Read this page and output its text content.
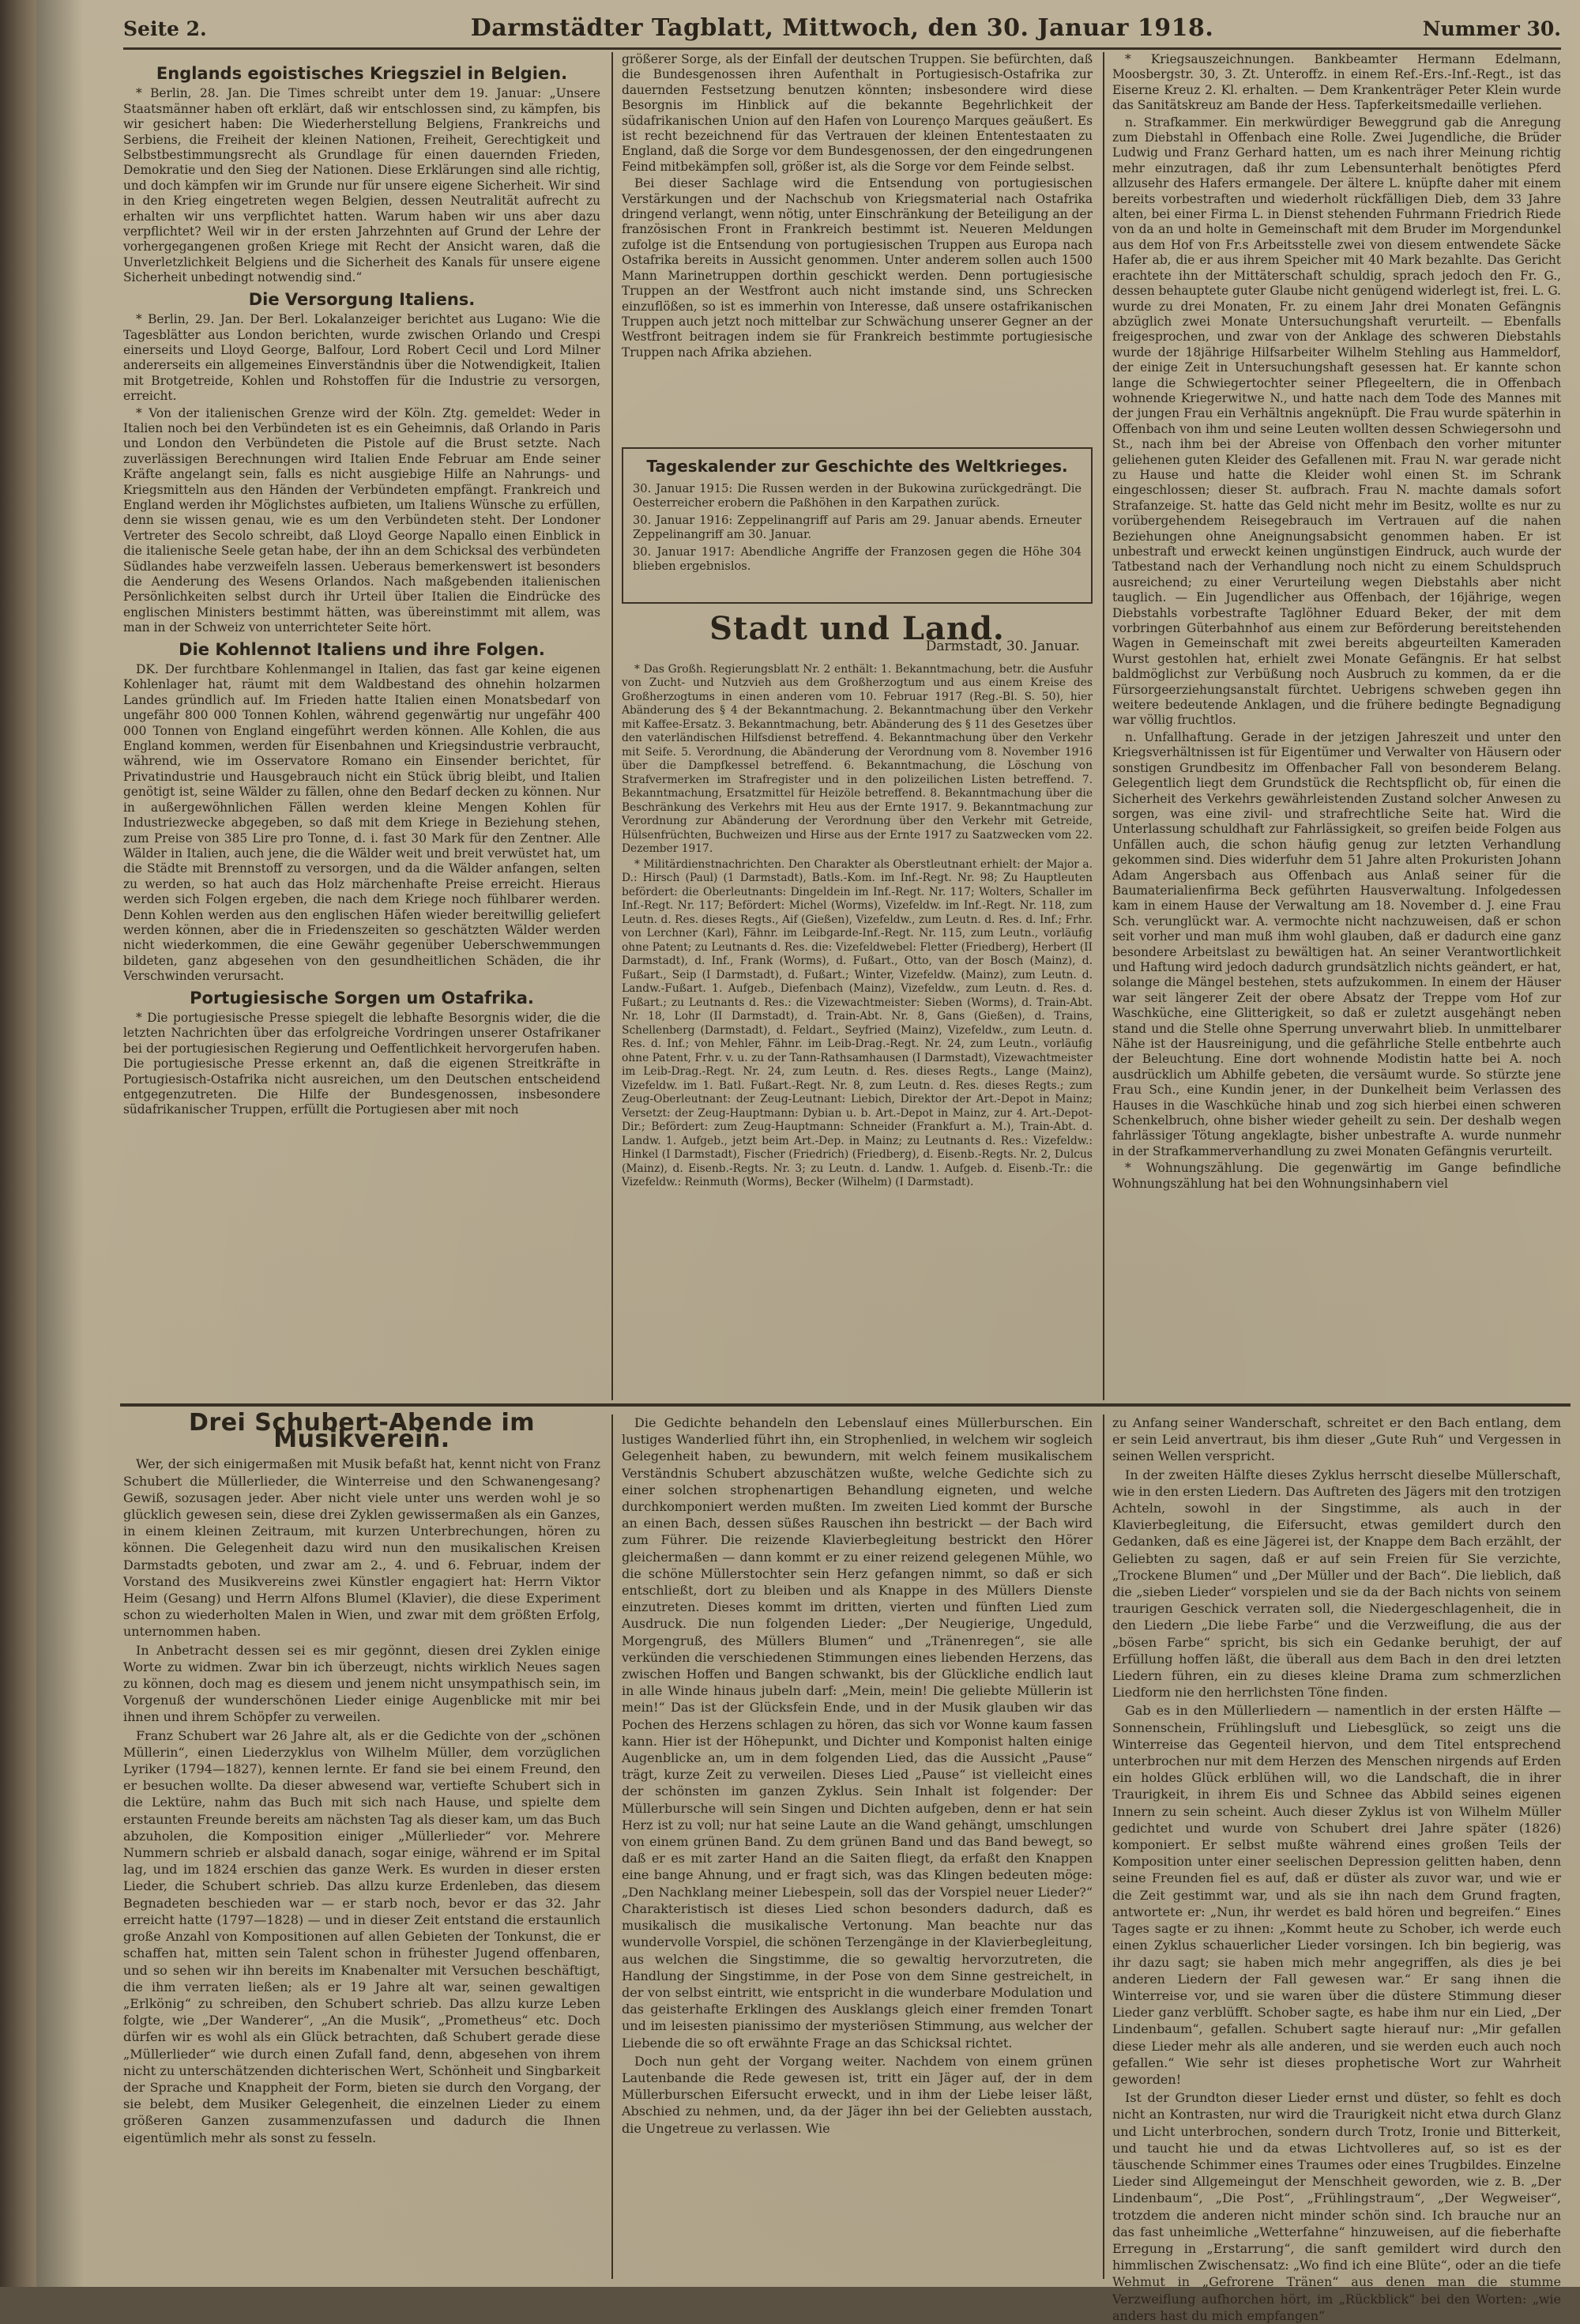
Seite 2.	Darmstädter Tagblatt, Mittwoch, den 30. Januar 1918.	Nummer 30.
Englands egoistisches Kriegsziel in Belgien.

* Berlin, 28. Jan. Die Times schreibt unter dem 19. Januar: „Unsere Staatsmänner haben oft erklärt, daß wir entschlossen sind, zu kämpfen, bis wir gesichert haben: Die Wiederherstellung Belgiens, Frankreichs und Serbiens, die Freiheit der kleinen Nationen, Freiheit, Gerechtigkeit und Selbstbestimmungsrecht als Grundlage für einen dauernden Frieden, Demokratie und den Sieg der Nationen. Diese Erklärungen sind alle richtig, und doch kämpfen wir im Grunde nur für unsere eigene Sicherheit. Wir sind in den Krieg eingetreten wegen Belgien, dessen Neutralität aufrecht zu erhalten wir uns verpflichtet hatten. Warum haben wir uns aber dazu verpflichtet? Weil wir in der ersten Jahrzehnten auf Grund der Lehre der vorhergegangenen großen Kriege mit Recht der Ansicht waren, daß die Unverletzlichkeit Belgiens und die Sicherheit des Kanals für unsere eigene Sicherheit unbedingt notwendig sind.“

Die Versorgung Italiens.

* Berlin, 29. Jan. Der Berl. Lokalanzeiger berichtet aus Lugano: Wie die Tagesblätter aus London berichten, wurde zwischen Orlando und Crespi einerseits und Lloyd George, Balfour, Lord Robert Cecil und Lord Milner andererseits ein allgemeines Einverständnis über die Notwendigkeit, Italien mit Brotgetreide, Kohlen und Rohstoffen für die Industrie zu versorgen, erreicht.

* Von der italienischen Grenze wird der Köln. Ztg. gemeldet: Weder in Italien noch bei den Verbündeten ist es ein Geheimnis, daß Orlando in Paris und London den Verbündeten die Pistole auf die Brust setzte. Nach zuverlässigen Berechnungen wird Italien Ende Februar am Ende seiner Kräfte angelangt sein, falls es nicht ausgiebige Hilfe an Nahrungs- und Kriegsmitteln aus den Händen der Verbündeten empfängt. Frankreich und England werden ihr Möglichstes aufbieten, um Italiens Wünsche zu erfüllen, denn sie wissen genau, wie es um den Verbündeten steht. Der Londoner Vertreter des Secolo schreibt, daß Lloyd George Napallo einen Einblick in die italienische Seele getan habe, der ihn an dem Schicksal des verbündeten Südlandes habe verzweifeln lassen. Ueberaus bemerkenswert ist besonders die Aenderung des Wesens Orlandos. Nach maßgebenden italienischen Persönlichkeiten selbst durch ihr Urteil über Italien die Eindrücke des englischen Ministers bestimmt hätten, was übereinstimmt mit allem, was man in der Schweiz von unterrichteter Seite hört.

Die Kohlennot Italiens und ihre Folgen.

DK. Der furchtbare Kohlenmangel in Italien, das fast gar keine eigenen Kohlenlager hat, räumt mit dem Waldbestand des ohnehin holzarmen Landes gründlich auf. Im Frieden hatte Italien einen Monatsbedarf von ungefähr 800 000 Tonnen Kohlen, während gegenwärtig nur ungefähr 400 000 Tonnen von England eingeführt werden können. Alle Kohlen, die aus England kommen, werden für Eisenbahnen und Kriegsindustrie verbraucht, während, wie im Osservatore Romano ein Einsender berichtet, für Privatindustrie und Hausgebrauch nicht ein Stück übrig bleibt, und Italien genötigt ist, seine Wälder zu fällen, ohne den Bedarf decken zu können. Nur in außergewöhnlichen Fällen werden kleine Mengen Kohlen für Industriezwecke abgegeben, so daß mit dem Kriege in Beziehung stehen, zum Preise von 385 Lire pro Tonne, d. i. fast 30 Mark für den Zentner. Alle Wälder in Italien, auch jene, die die Wälder weit und breit verwüstet hat, um die Städte mit Brennstoff zu versorgen, und da die Wälder anfangen, selten zu werden, so hat auch das Holz märchenhafte Preise erreicht. Hieraus werden sich Folgen ergeben, die nach dem Kriege noch fühlbarer werden. Denn Kohlen werden aus den englischen Häfen wieder bereitwillig geliefert werden können, aber die in Friedenszeiten so geschätzten Wälder werden nicht wiederkommen, die eine Gewähr gegenüber Ueberschwemmungen bildeten, ganz abgesehen von den gesundheitlichen Schäden, die ihr Verschwinden verursacht.

Portugiesische Sorgen um Ostafrika.

* Die portugiesische Presse spiegelt die lebhafte Besorgnis wider, die die letzten Nachrichten über das erfolgreiche Vordringen unserer Ostafrikaner bei der portugiesischen Regierung und Oeffentlichkeit hervorgerufen haben. Die portugiesische Presse erkennt an, daß die eigenen Streitkräfte in Portugiesisch-Ostafrika nicht ausreichen, um den Deutschen entscheidend entgegenzutreten. Die Hilfe der Bundesgenossen, insbesondere südafrikanischer Truppen, erfüllt die Portugiesen aber mit noch

größerer Sorge, als der Einfall der deutschen Truppen. Sie befürchten, daß die Bundesgenossen ihren Aufenthalt in Portugiesisch-Ostafrika zur dauernden Festsetzung benutzen könnten; insbesondere wird diese Besorgnis im Hinblick auf die bekannte Begehrlichkeit der südafrikanischen Union auf den Hafen von Lourenço Marques geäußert. Es ist recht bezeichnend für das Vertrauen der kleinen Ententestaaten zu England, daß die Sorge vor dem Bundesgenossen, der den eingedrungenen Feind mitbekämpfen soll, größer ist, als die Sorge vor dem Feinde selbst.

Bei dieser Sachlage wird die Entsendung von portugiesischen Verstärkungen und der Nachschub von Kriegsmaterial nach Ostafrika dringend verlangt, wenn nötig, unter Einschränkung der Beteiligung an der französischen Front in Frankreich bestimmt ist. Neueren Meldungen zufolge ist die Entsendung von portugiesischen Truppen aus Europa nach Ostafrika bereits in Aussicht genommen. Unter anderem sollen auch 1500 Mann Marinetruppen dorthin geschickt werden. Denn portugiesische Truppen an der Westfront auch nicht imstande sind, uns Schrecken einzuflößen, so ist es immerhin von Interesse, daß unsere ostafrikanischen Truppen auch jetzt noch mittelbar zur Schwächung unserer Gegner an der Westfront beitragen indem sie für Frankreich bestimmte portugiesische Truppen nach Afrika abziehen.

Tageskalender zur Geschichte des Weltkrieges.

30. Januar 1915: Die Russen werden in der Bukowina zurückgedrängt. Die Oesterreicher erobern die Paßhöhen in den Karpathen zurück.

30. Januar 1916: Zeppelinangriff auf Paris am 29. Januar abends. Erneuter Zeppelinangriff am 30. Januar.

30. Januar 1917: Abendliche Angriffe der Franzosen gegen die Höhe 304 blieben ergebnislos.

Stadt und Land.
Darmstadt, 30. Januar.

* Das Großh. Regierungsblatt Nr. 2 enthält: 1. Bekanntmachung, betr. die Ausfuhr von Zucht- und Nutzvieh aus dem Großherzogtum und aus einem Kreise des Großherzogtums in einen anderen vom 10. Februar 1917 (Reg.-Bl. S. 50), hier Abänderung des § 4 der Bekanntmachung. 2. Bekanntmachung über den Verkehr mit Kaffee-Ersatz. 3. Bekanntmachung, betr. Abänderung des § 11 des Gesetzes über den vaterländischen Hilfsdienst betreffend. 4. Bekanntmachung über den Verkehr mit Seife. 5. Verordnung, die Abänderung der Verordnung vom 8. November 1916 über die Dampfkessel betreffend. 6. Bekanntmachung, die Löschung von Strafvermerken im Strafregister und in den polizeilichen Listen betreffend. 7. Bekanntmachung, Ersatzmittel für Heizöle betreffend. 8. Bekanntmachung über die Beschränkung des Verkehrs mit Heu aus der Ernte 1917. 9. Bekanntmachung zur Verordnung zur Abänderung der Verordnung über den Verkehr mit Getreide, Hülsenfrüchten, Buchweizen und Hirse aus der Ernte 1917 zu Saatzwecken vom 22. Dezember 1917.

* Militärdienstnachrichten. Den Charakter als Oberstleutnant erhielt: der Major a. D.: Hirsch (Paul) (1 Darmstadt), Batls.-Kom. im Inf.-Regt. Nr. 98; Zu Hauptleuten befördert: die Oberleutnants: Dingeldein im Inf.-Regt. Nr. 117; Wolters, Schaller im Inf.-Regt. Nr. 117; Befördert: Michel (Worms), Vizefeldw. im Inf.-Regt. Nr. 118, zum Leutn. d. Res. dieses Regts., Aif (Gießen), Vizefeldw., zum Leutn. d. Res. d. Inf.; Frhr. von Lerchner (Karl), Fähnr. im Leibgarde-Inf.-Regt. Nr. 115, zum Leutn., vorläufig ohne Patent; zu Leutnants d. Res. die: Vizefeldwebel: Fletter (Friedberg), Herbert (II Darmstadt), d. Inf., Frank (Worms), d. Fußart., Otto, van der Bosch (Mainz), d. Fußart., Seip (I Darmstadt), d. Fußart.; Winter, Vizefeldw. (Mainz), zum Leutn. d. Landw.-Fußart. 1. Aufgeb., Diefenbach (Mainz), Vizefeldw., zum Leutn. d. Res. d. Fußart.; zu Leutnants d. Res.: die Vizewachtmeister: Sieben (Worms), d. Train-Abt. Nr. 18, Lohr (II Darmstadt), d. Train-Abt. Nr. 8, Gans (Gießen), d. Trains, Schellenberg (Darmstadt), d. Feldart., Seyfried (Mainz), Vizefeldw., zum Leutn. d. Res. d. Inf.; von Mehler, Fähnr. im Leib-Drag.-Regt. Nr. 24, zum Leutn., vorläufig ohne Patent, Frhr. v. u. zu der Tann-Rathsamhausen (I Darmstadt), Vizewachtmeister im Leib-Drag.-Regt. Nr. 24, zum Leutn. d. Res. dieses Regts., Lange (Mainz), Vizefeldw. im 1. Batl. Fußart.-Regt. Nr. 8, zum Leutn. d. Res. dieses Regts.; zum Zeug-Oberleutnant: der Zeug-Leutnant: Liebich, Direktor der Art.-Depot in Mainz; Versetzt: der Zeug-Hauptmann: Dybian u. b. Art.-Depot in Mainz, zur 4. Art.-Depot-Dir.; Befördert: zum Zeug-Hauptmann: Schneider (Frankfurt a. M.), Train-Abt. d. Landw. 1. Aufgeb., jetzt beim Art.-Dep. in Mainz; zu Leutnants d. Res.: Vizefeldw.: Hinkel (I Darmstadt), Fischer (Friedrich) (Friedberg), d. Eisenb.-Regts. Nr. 2, Dulcus (Mainz), d. Eisenb.-Regts. Nr. 3; zu Leutn. d. Landw. 1. Aufgeb. d. Eisenb.-Tr.: die Vizefeldw.: Reinmuth (Worms), Becker (Wilhelm) (I Darmstadt).

* Kriegsauszeichnungen. Bankbeamter Hermann Edelmann, Moosbergstr. 30, 3. Zt. Unteroffz. in einem Ref.-Ers.-Inf.-Regt., ist das Eiserne Kreuz 2. Kl. erhalten. — Dem Krankenträger Peter Klein wurde das Sanitätskreuz am Bande der Hess. Tapferkeitsmedaille verliehen.

n. Strafkammer. Ein merkwürdiger Beweggrund gab die Anregung zum Diebstahl in Offenbach eine Rolle. Zwei Jugendliche, die Brüder Ludwig und Franz Gerhard hatten, um es nach ihrer Meinung richtig mehr einzutragen, daß ihr zum Lebensunterhalt benötigtes Pferd allzusehr des Hafers ermangele. Der ältere L. knüpfte daher mit einem bereits vorbestraften und wiederholt rückfälligen Dieb, dem 33 Jahre alten, bei einer Firma L. in Dienst stehenden Fuhrmann Friedrich Riede von da an und holte in Gemeinschaft mit dem Bruder im Morgendunkel aus dem Hof von Fr.s Arbeitsstelle zwei von diesem entwendete Säcke Hafer ab, die er aus ihrem Speicher mit 40 Mark bezahlte. Das Gericht erachtete ihn der Mittäterschaft schuldig, sprach jedoch den Fr. G., dessen behauptete guter Glaube nicht genügend widerlegt ist, frei. L. G. wurde zu drei Monaten, Fr. zu einem Jahr drei Monaten Gefängnis abzüglich zwei Monate Untersuchungshaft verurteilt. — Ebenfalls freigesprochen, und zwar von der Anklage des schweren Diebstahls wurde der 18jährige Hilfsarbeiter Wilhelm Stehling aus Hammeldorf, der einige Zeit in Untersuchungshaft gesessen hat. Er kannte schon lange die Schwiegertochter seiner Pflegeeltern, die in Offenbach wohnende Kriegerwitwe N., und hatte nach dem Tode des Mannes mit der jungen Frau ein Verhältnis angeknüpft. Die Frau wurde späterhin in Offenbach von ihm und seine Leuten wollten dessen Schwiegersohn und St., nach ihm bei der Abreise von Offenbach den vorher mitunter geliehenen guten Kleider des Gefallenen mit. Frau N. war gerade nicht zu Hause und hatte die Kleider wohl einen St. im Schrank eingeschlossen; dieser St. aufbrach. Frau N. machte damals sofort Strafanzeige. St. hatte das Geld nicht mehr im Besitz, wollte es nur zu vorübergehendem Reisegebrauch im Vertrauen auf die nahen Beziehungen ohne Aneignungsabsicht genommen haben. Er ist unbestraft und erweckt keinen ungünstigen Eindruck, auch wurde der Tatbestand nach der Verhandlung noch nicht zu einem Schuldspruch ausreichend; zu einer Verurteilung wegen Diebstahls aber nicht tauglich. — Ein Jugendlicher aus Offenbach, der 16jährige, wegen Diebstahls vorbestrafte Taglöhner Eduard Beker, der mit dem vorbringen Güterbahnhof aus einem zur Beförderung bereitstehenden Wagen in Gemeinschaft mit zwei bereits abgeurteilten Kameraden Wurst gestohlen hat, erhielt zwei Monate Gefängnis. Er hat selbst baldmöglichst zur Verbüßung noch Ausbruch zu kommen, da er die Fürsorgeerziehungsanstalt fürchtet. Uebrigens schweben gegen ihn weitere bedeutende Anklagen, und die frühere bedingte Begnadigung war völlig fruchtlos.

n. Unfallhaftung. Gerade in der jetzigen Jahreszeit und unter den Kriegsverhältnissen ist für Eigentümer und Verwalter von Häusern oder sonstigen Grundbesitz im Offenbacher Fall von besonderem Belang. Gelegentlich liegt dem Grundstück die Rechtspflicht ob, für einen die Sicherheit des Verkehrs gewährleistenden Zustand solcher Anwesen zu sorgen, was eine zivil- und strafrechtliche Seite hat. Wird die Unterlassung schuldhaft zur Fahrlässigkeit, so greifen beide Folgen aus Unfällen auch, die schon häufig genug zur letzten Verhandlung gekommen sind. Dies widerfuhr dem 51 Jahre alten Prokuristen Johann Adam Angersbach aus Offenbach aus Anlaß seiner für die Baumaterialienfirma Beck geführten Hausverwaltung. Infolgedessen kam in einem Hause der Verwaltung am 18. November d. J. eine Frau Sch. verunglückt war. A. vermochte nicht nachzuweisen, daß er schon seit vorher und man muß ihm wohl glauben, daß er dadurch eine ganz besondere Arbeitslast zu bewältigen hat. An seiner Verantwortlichkeit und Haftung wird jedoch dadurch grundsätzlich nichts geändert, er hat, solange die Mängel bestehen, stets aufzukommen. In einem der Häuser war seit längerer Zeit der obere Absatz der Treppe vom Hof zur Waschküche, eine Glitterigkeit, so daß er zuletzt ausgehängt neben stand und die Stelle ohne Sperrung unverwahrt blieb. In unmittelbarer Nähe ist der Hausreinigung, und die gefährliche Stelle entbehrte auch der Beleuchtung. Eine dort wohnende Modistin hatte bei A. noch ausdrücklich um Abhilfe gebeten, die versäumt wurde. So stürzte jene Frau Sch., eine Kundin jener, in der Dunkelheit beim Verlassen des Hauses in die Waschküche hinab und zog sich hierbei einen schweren Schenkelbruch, ohne bisher wieder geheilt zu sein. Der deshalb wegen fahrlässiger Tötung angeklagte, bisher unbestrafte A. wurde nunmehr in der Strafkammerverhandlung zu zwei Monaten Gefängnis verurteilt.

* Wohnungszählung. Die gegenwärtig im Gange befindliche Wohnungszählung hat bei den Wohnungsinhabern viel

Drei Schubert-Abende im Musikverein.

Wer, der sich einigermaßen mit Musik befaßt hat, kennt nicht von Franz Schubert die Müllerlieder, die Winterreise und den Schwanengesang? Gewiß, sozusagen jeder. Aber nicht viele unter uns werden wohl je so glücklich gewesen sein, diese drei Zyklen gewissermaßen als ein Ganzes, in einem kleinen Zeitraum, mit kurzen Unterbrechungen, hören zu können. Die Gelegenheit dazu wird nun den musikalischen Kreisen Darmstadts geboten, und zwar am 2., 4. und 6. Februar, indem der Vorstand des Musikvereins zwei Künstler engagiert hat: Herrn Viktor Heim (Gesang) und Herrn Alfons Blumel (Klavier), die diese Experiment schon zu wiederholten Malen in Wien, und zwar mit dem größten Erfolg, unternommen haben.

In Anbetracht dessen sei es mir gegönnt, diesen drei Zyklen einige Worte zu widmen. Zwar bin ich überzeugt, nichts wirklich Neues sagen zu können, doch mag es diesem und jenem nicht unsympathisch sein, im Vorgenuß der wunderschönen Lieder einige Augenblicke mit mir bei ihnen und ihrem Schöpfer zu verweilen.

Franz Schubert war 26 Jahre alt, als er die Gedichte von der „schönen Müllerin“, einen Liederzyklus von Wilhelm Müller, dem vorzüglichen Lyriker (1794—1827), kennen lernte. Er fand sie bei einem Freund, den er besuchen wollte. Da dieser abwesend war, vertiefte Schubert sich in die Lektüre, nahm das Buch mit sich nach Hause, und spielte dem erstaunten Freunde bereits am nächsten Tag als dieser kam, um das Buch abzuholen, die Komposition einiger „Müllerlieder“ vor. Mehrere Nummern schrieb er alsbald danach, sogar einige, während er im Spital lag, und im 1824 erschien das ganze Werk. Es wurden in dieser ersten Lieder, die Schubert schrieb. Das allzu kurze Erdenleben, das diesem Begnadeten beschieden war — er starb noch, bevor er das 32. Jahr erreicht hatte (1797—1828) — und in dieser Zeit entstand die erstaunlich große Anzahl von Kompositionen auf allen Gebieten der Tonkunst, die er schaffen hat, mitten sein Talent schon in frühester Jugend offenbaren, und so sehen wir ihn bereits im Knabenalter mit Versuchen beschäftigt, die ihm verraten ließen; als er 19 Jahre alt war, seinen gewaltigen „Erlkönig“ zu schreiben, den Schubert schrieb. Das allzu kurze Leben folgte, wie „Der Wanderer“, „An die Musik“, „Prometheus“ etc. Doch dürfen wir es wohl als ein Glück betrachten, daß Schubert gerade diese „Müllerlieder“ wie durch einen Zufall fand, denn, abgesehen von ihrem nicht zu unterschätzenden dichterischen Wert, Schönheit und Singbarkeit der Sprache und Knappheit der Form, bieten sie durch den Vorgang, der sie belebt, dem Musiker Gelegenheit, die einzelnen Lieder zu einem größeren Ganzen zusammenzufassen und dadurch die Ihnen eigentümlich mehr als sonst zu fesseln.

Die Gedichte behandeln den Lebenslauf eines Müllerburschen. Ein lustiges Wanderlied führt ihn, ein Strophenlied, in welchem wir sogleich Gelegenheit haben, zu bewundern, mit welch feinem musikalischem Verständnis Schubert abzuschätzen wußte, welche Gedichte sich zu einer solchen strophenartigen Behandlung eigneten, und welche durchkomponiert werden mußten. Im zweiten Lied kommt der Bursche an einen Bach, dessen süßes Rauschen ihn bestrickt — der Bach wird zum Führer. Die reizende Klavierbegleitung bestrickt den Hörer gleichermaßen — dann kommt er zu einer reizend gelegenen Mühle, wo die schöne Müllerstochter sein Herz gefangen nimmt, so daß er sich entschließt, dort zu bleiben und als Knappe in des Müllers Dienste einzutreten. Dieses kommt im dritten, vierten und fünften Lied zum Ausdruck. Die nun folgenden Lieder: „Der Neugierige, Ungeduld, Morgengruß, des Müllers Blumen“ und „Tränenregen“, sie alle verkünden die verschiedenen Stimmungen eines liebenden Herzens, das zwischen Hoffen und Bangen schwankt, bis der Glückliche endlich laut in alle Winde hinaus jubeln darf: „Mein, mein! Die geliebte Müllerin ist mein!“ Das ist der Glücksfein Ende, und in der Musik glauben wir das Pochen des Herzens schlagen zu hören, das sich vor Wonne kaum fassen kann. Hier ist der Höhepunkt, und Dichter und Komponist halten einige Augenblicke an, um in dem folgenden Lied, das die Aussicht „Pause“ trägt, kurze Zeit zu verweilen. Dieses Lied „Pause“ ist vielleicht eines der schönsten im ganzen Zyklus. Sein Inhalt ist folgender: Der Müllerbursche will sein Singen und Dichten aufgeben, denn er hat sein Herz ist zu voll; nur hat seine Laute an die Wand gehängt, umschlungen von einem grünen Band. Zu dem grünen Band und das Band bewegt, so daß er es mit zarter Hand an die Saiten fliegt, da erfaßt den Knappen eine bange Ahnung, und er fragt sich, was das Klingen bedeuten möge: „Den Nachklang meiner Liebespein, soll das der Vorspiel neuer Lieder?“ Charakteristisch ist dieses Lied schon besonders dadurch, daß es musikalisch die musikalische Vertonung. Man beachte nur das wundervolle Vorspiel, die schönen Terzengänge in der Klavierbegleitung, aus welchen die Singstimme, die so gewaltig hervorzutreten, die Handlung der Singstimme, in der Pose von dem Sinne gestreichelt, in der von selbst eintritt, wie entspricht in die wunderbare Modulation und das geisterhafte Erklingen des Ausklangs gleich einer fremden Tonart und im leisesten pianissimo der mysteriösen Stimmung, aus welcher der Liebende die so oft erwähnte Frage an das Schicksal richtet.

Doch nun geht der Vorgang weiter. Nachdem von einem grünen Lautenbande die Rede gewesen ist, tritt ein Jäger auf, der in dem Müllerburschen Eifersucht erweckt, und in ihm der Liebe leiser läßt, Abschied zu nehmen, und, da der Jäger ihn bei der Geliebten ausstach, die Ungetreue zu verlassen. Wie

zu Anfang seiner Wanderschaft, schreitet er den Bach entlang, dem er sein Leid anvertraut, bis ihm dieser „Gute Ruh“ und Vergessen in seinen Wellen verspricht.

In der zweiten Hälfte dieses Zyklus herrscht dieselbe Müllerschaft, wie in den ersten Liedern. Das Auftreten des Jägers mit den trotzigen Achteln, sowohl in der Singstimme, als auch in der Klavierbegleitung, die Eifersucht, etwas gemildert durch den Gedanken, daß es eine Jägerei ist, der Knappe dem Bach erzählt, der Geliebten zu sagen, daß er auf sein Freien für Sie verzichte, „Trockene Blumen“ und „Der Müller und der Bach“. Die lieblich, daß die „sieben Lieder“ vorspielen und sie da der Bach nichts von seinem traurigen Geschick verraten soll, die Niedergeschlagenheit, die in den Liedern „Die liebe Farbe“ und die Verzweiflung, die aus der „bösen Farbe“ spricht, bis sich ein Gedanke beruhigt, der auf Erfüllung hoffen läßt, die überall aus dem Bach in den drei letzten Liedern führen, ein zu dieses kleine Drama zum schmerzlichen Liedform nie den herrlichsten Töne finden.

Gab es in den Müllerliedern — namentlich in der ersten Hälfte — Sonnenschein, Frühlingsluft und Liebesglück, so zeigt uns die Winterreise das Gegenteil hiervon, und dem Titel entsprechend unterbrochen nur mit dem Herzen des Menschen nirgends auf Erden ein holdes Glück erblühen will, wo die Landschaft, die in ihrer Traurigkeit, in ihrem Eis und Schnee das Abbild seines eigenen Innern zu sein scheint. Auch dieser Zyklus ist von Wilhelm Müller gedichtet und wurde von Schubert drei Jahre später (1826) komponiert. Er selbst mußte während eines großen Teils der Komposition unter einer seelischen Depression gelitten haben, denn seine Freunden fiel es auf, daß er düster als zuvor war, und wie er die Zeit gestimmt war, und als sie ihn nach dem Grund fragten, antwortete er: „Nun, ihr werdet es bald hören und begreifen.“ Eines Tages sagte er zu ihnen: „Kommt heute zu Schober, ich werde euch einen Zyklus schauerlicher Lieder vorsingen. Ich bin begierig, was ihr dazu sagt; sie haben mich mehr angegriffen, als dies je bei anderen Liedern der Fall gewesen war.“ Er sang ihnen die Winterreise vor, und sie waren über die düstere Stimmung dieser Lieder ganz verblüfft. Schober sagte, es habe ihm nur ein Lied, „Der Lindenbaum“, gefallen. Schubert sagte hierauf nur: „Mir gefallen diese Lieder mehr als alle anderen, und sie werden euch auch noch gefallen.“ Wie sehr ist dieses prophetische Wort zur Wahrheit geworden!

Ist der Grundton dieser Lieder ernst und düster, so fehlt es doch nicht an Kontrasten, nur wird die Traurigkeit nicht etwa durch Glanz und Licht unterbrochen, sondern durch Trotz, Ironie und Bitterkeit, und taucht hie und da etwas Lichtvolleres auf, so ist es der täuschende Schimmer eines Traumes oder eines Trugbildes. Einzelne Lieder sind Allgemeingut der Menschheit geworden, wie z. B. „Der Lindenbaum“, „Die Post“, „Frühlingstraum“, „Der Wegweiser“, trotzdem die anderen nicht minder schön sind. Ich brauche nur an das fast unheimliche „Wetterfahne“ hinzuweisen, auf die fieberhafte Erregung in „Erstarrung“, die sanft gemildert wird durch den himmlischen Zwischensatz: „Wo find ich eine Blüte“, oder an die tiefe Wehmut in „Gefrorene Tränen“ aus denen man die stumme Verzweiflung aufhorchen hört, im „Rückblick“ bei den Worten: „wie anders hast du mich empfangen“
